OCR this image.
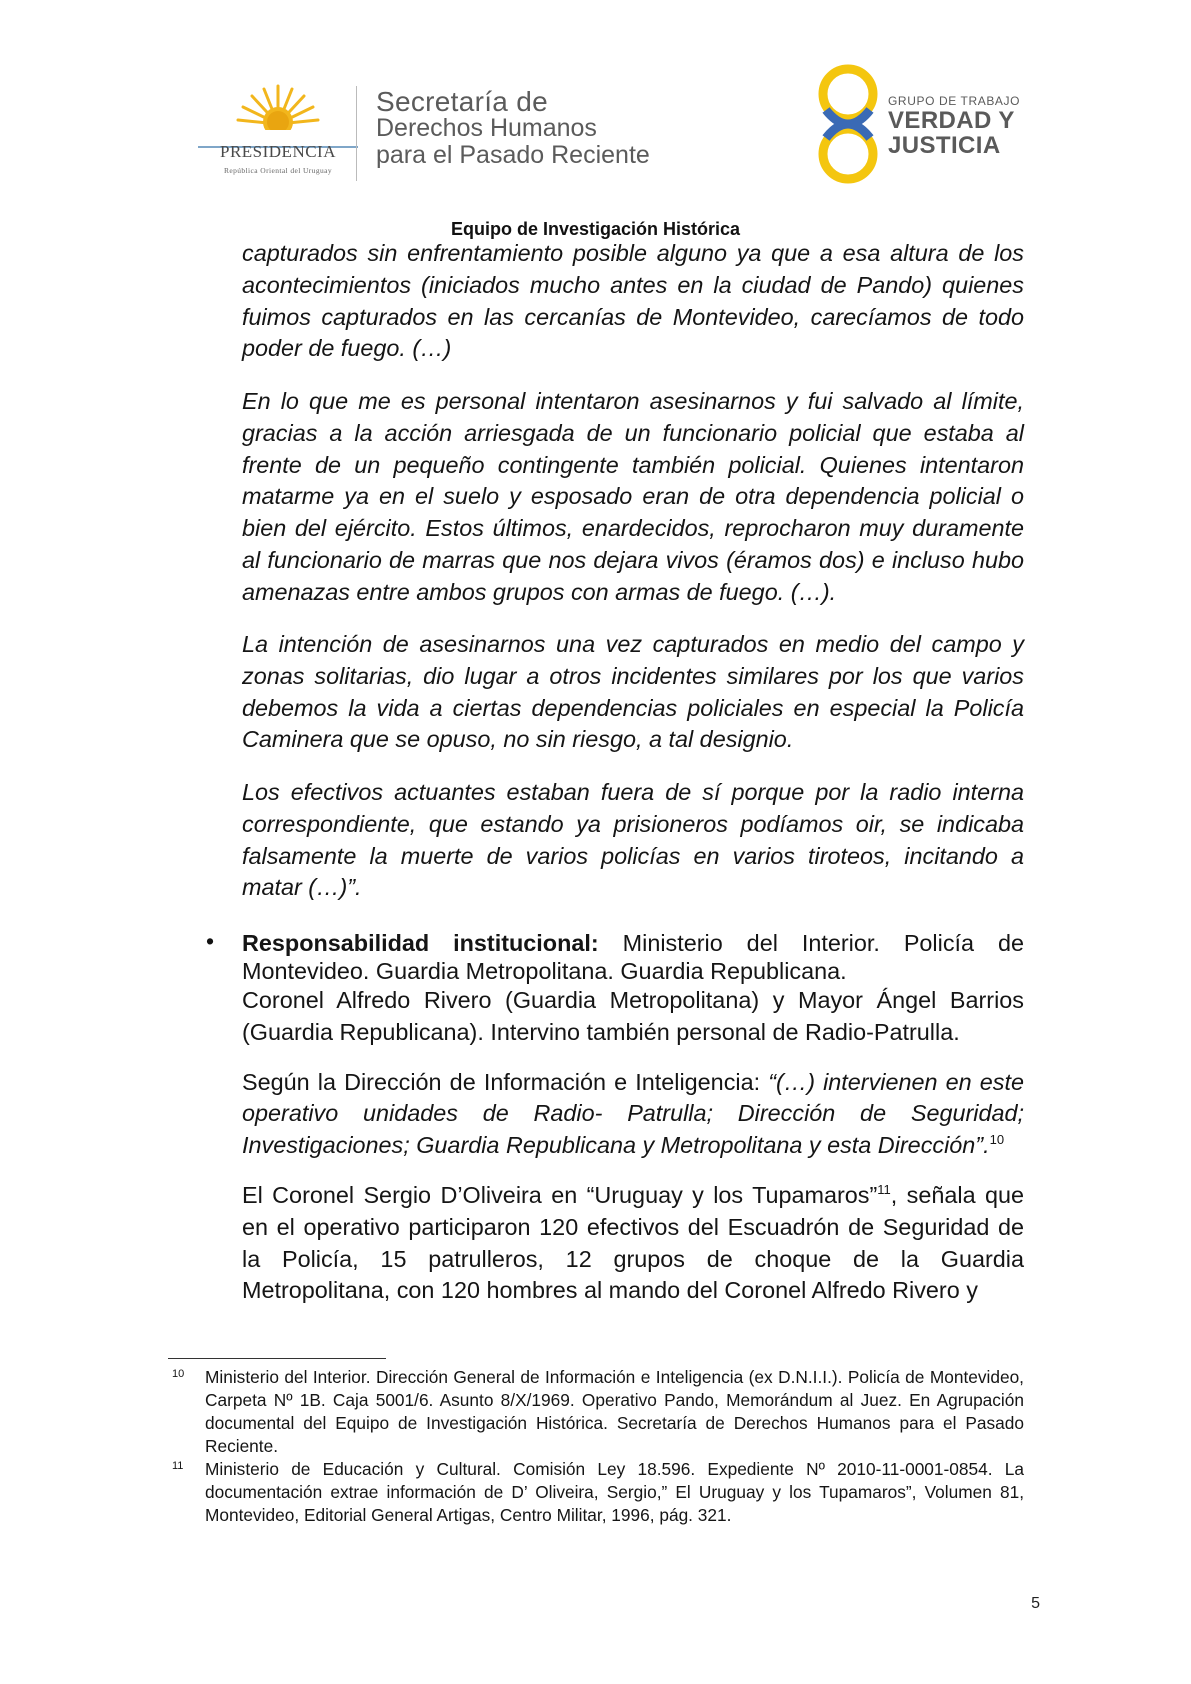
PRESIDENCIA
República Oriental del Uruguay
Secretaría de
Derechos Humanos
para el Pasado Reciente
GRUPO DE TRABAJO
VERDAD Y
JUSTICIA
Equipo de Investigación Histórica
capturados sin enfrentamiento posible alguno ya que a esa altura de los acontecimientos (iniciados mucho antes en la ciudad de Pando) quienes fuimos capturados en las cercanías de Montevideo, carecíamos de todo poder de fuego. (…)
En lo que me es personal intentaron asesinarnos y fui salvado al límite, gracias a la acción arriesgada de un funcionario policial que estaba al frente de un pequeño contingente también policial. Quienes intentaron matarme ya en el suelo y esposado eran de otra dependencia policial o bien del ejército. Estos últimos, enardecidos, reprocharon muy duramente al funcionario de marras que nos dejara vivos (éramos dos) e incluso hubo amenazas entre ambos grupos con armas de fuego. (…).
La intención de asesinarnos una vez capturados en medio del campo y zonas solitarias, dio lugar a otros incidentes similares por los que varios debemos la vida a ciertas dependencias policiales en especial la Policía Caminera que se opuso, no sin riesgo, a tal designio.
Los efectivos actuantes estaban fuera de sí porque por la radio interna correspondiente, que estando ya prisioneros podíamos oir, se indicaba falsamente la muerte de varios policías en varios tiroteos, incitando a matar (…)”.
• Responsabilidad institucional: Ministerio del Interior. Policía de Montevideo. Guardia Metropolitana. Guardia Republicana.

Coronel Alfredo Rivero (Guardia Metropolitana) y Mayor Ángel Barrios (Guardia Republicana). Intervino también personal de Radio-Patrulla.

Según la Dirección de Información e Inteligencia: “(…) intervienen en este operativo unidades de Radio- Patrulla; Dirección de Seguridad; Investigaciones; Guardia Republicana y Metropolitana y esta Dirección”.$^{10}$

El Coronel Sergio D’Oliveira en “Uruguay y los Tupamaros”$^{11}$, señala que en el operativo participaron 120 efectivos del Escuadrón de Seguridad de la Policía, 15 patrulleros, 12 grupos de choque de la Guardia Metropolitana, con 120 hombres al mando del Coronel Alfredo Rivero y

10 Ministerio del Interior. Dirección General de Información e Inteligencia (ex D.N.I.I.). Policía de Montevideo, Carpeta Nº 1B. Caja 5001/6. Asunto 8/X/1969. Operativo Pando, Memorándum al Juez. En Agrupación documental del Equipo de Investigación Histórica. Secretaría de Derechos Humanos para el Pasado Reciente.
11 Ministerio de Educación y Cultural. Comisión Ley 18.596. Expediente Nº 2010-11-0001-0854. La documentación extrae información de D’ Oliveira, Sergio,” El Uruguay y los Tupamaros”, Volumen 81, Montevideo, Editorial General Artigas, Centro Militar, 1996, pág. 321.
5
